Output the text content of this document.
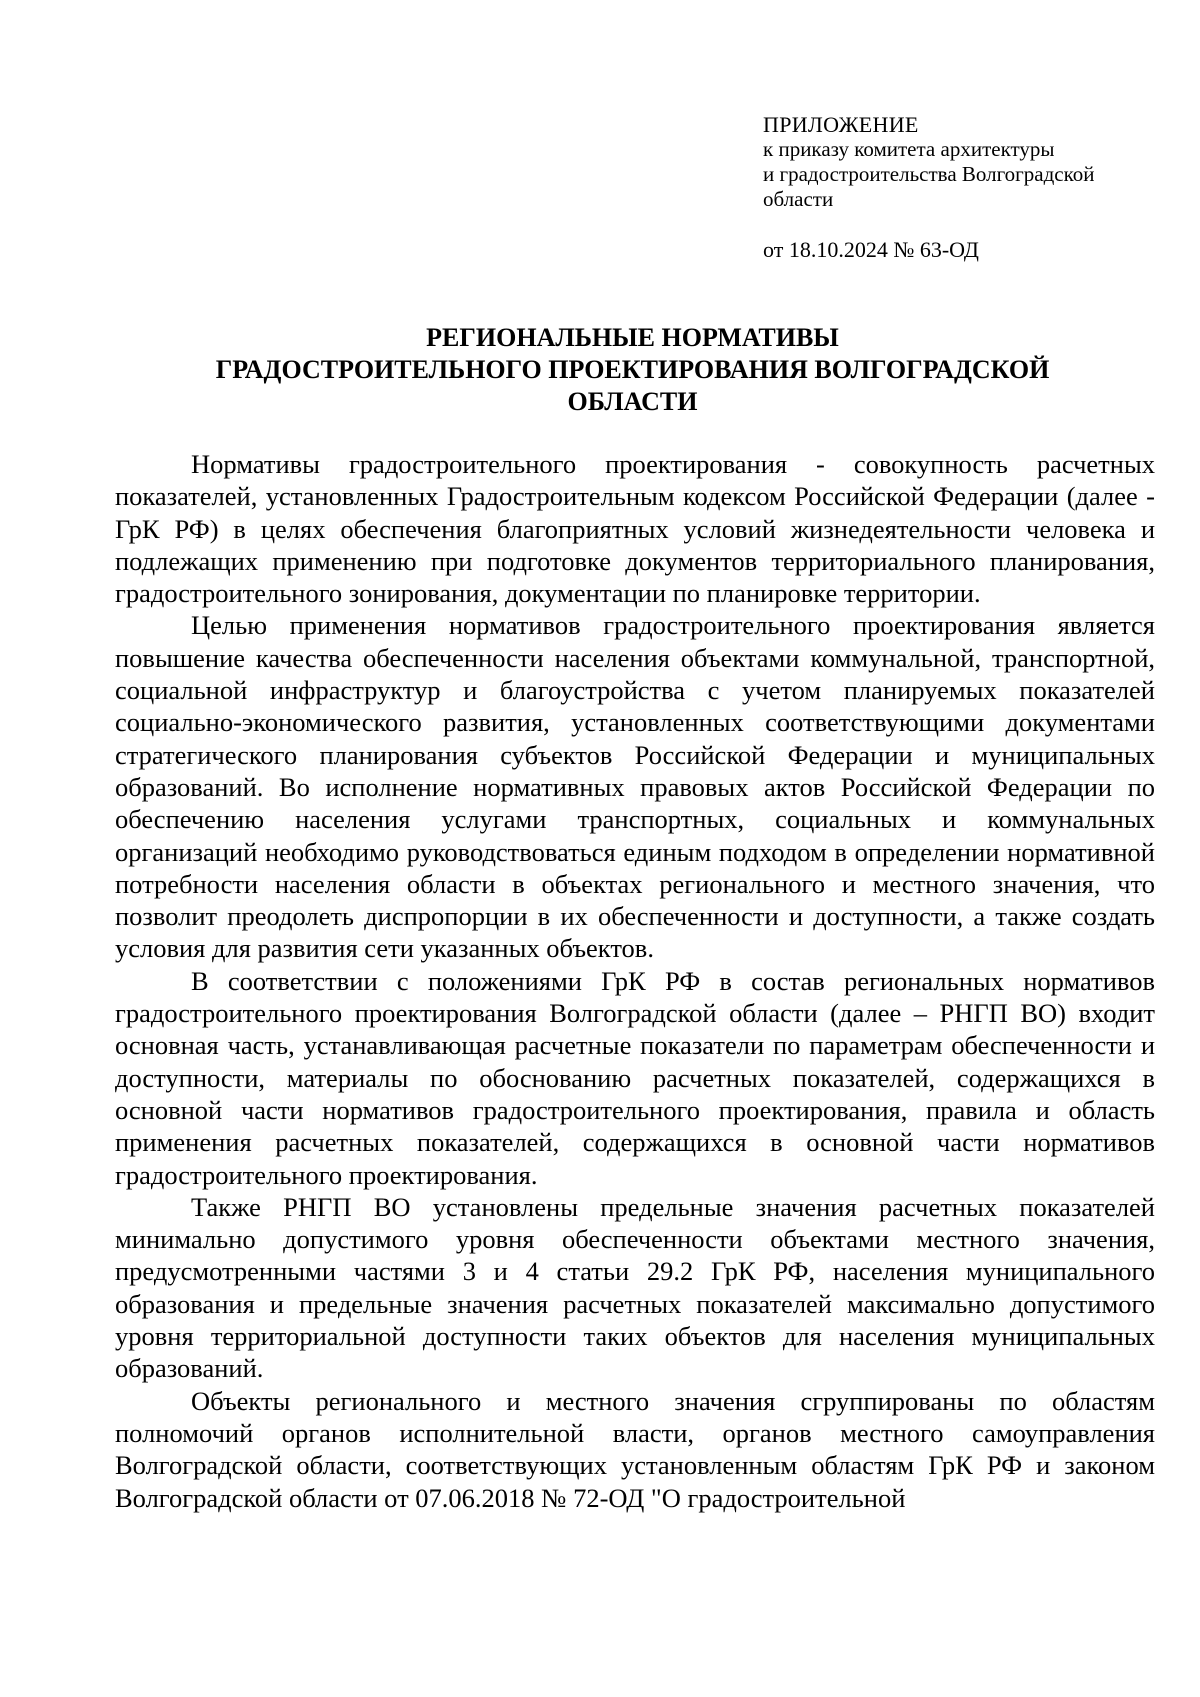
ПРИЛОЖЕНИЕ
к приказу комитета архитектуры
и градостроительства Волгоградской
области
от 18.10.2024 № 63-ОД
РЕГИОНАЛЬНЫЕ НОРМАТИВЫ
ГРАДОСТРОИТЕЛЬНОГО ПРОЕКТИРОВАНИЯ ВОЛГОГРАДСКОЙ
ОБЛАСТИ

Нормативы градостроительного проектирования - совокупность расчетных показателей, установленных Градостроительным кодексом Российской Федерации (далее - ГрК РФ) в целях обеспечения благоприятных условий жизнедеятельности человека и подлежащих применению при подготовке документов территориального планирования, градостроительного зонирования, документации по планировке территории.

Целью применения нормативов градостроительного проектирования является повышение качества обеспеченности населения объектами коммунальной, транспортной, социальной инфраструктур и благоустройства с учетом планируемых показателей социально-экономического развития, установленных соответствующими документами стратегического планирования субъектов Российской Федерации и муниципальных образований. Во исполнение нормативных правовых актов Российской Федерации по обеспечению населения услугами транспортных, социальных и коммунальных организаций необходимо руководствоваться единым подходом в определении нормативной потребности населения области в объектах регионального и местного значения, что позволит преодолеть диспропорции в их обеспеченности и доступности, а также создать условия для развития сети указанных объектов.

В соответствии с положениями ГрК РФ в состав региональных нормативов градостроительного проектирования Волгоградской области (далее – РНГП ВО) входит основная часть, устанавливающая расчетные показатели по параметрам обеспеченности и доступности, материалы по обоснованию расчетных показателей, содержащихся в основной части нормативов градостроительного проектирования, правила и область применения расчетных показателей, содержащихся в основной части нормативов градостроительного проектирования.

Также РНГП ВО установлены предельные значения расчетных показателей минимально допустимого уровня обеспеченности объектами местного значения, предусмотренными частями 3 и 4 статьи 29.2 ГрК РФ, населения муниципального образования и предельные значения расчетных показателей максимально допустимого уровня территориальной доступности таких объектов для населения муниципальных образований.

Объекты регионального и местного значения сгруппированы по областям полномочий органов исполнительной власти, органов местного самоуправления Волгоградской области, соответствующих установленным областям ГрК РФ и законом Волгоградской области от 07.06.2018 № 72-ОД "О градостроительной
